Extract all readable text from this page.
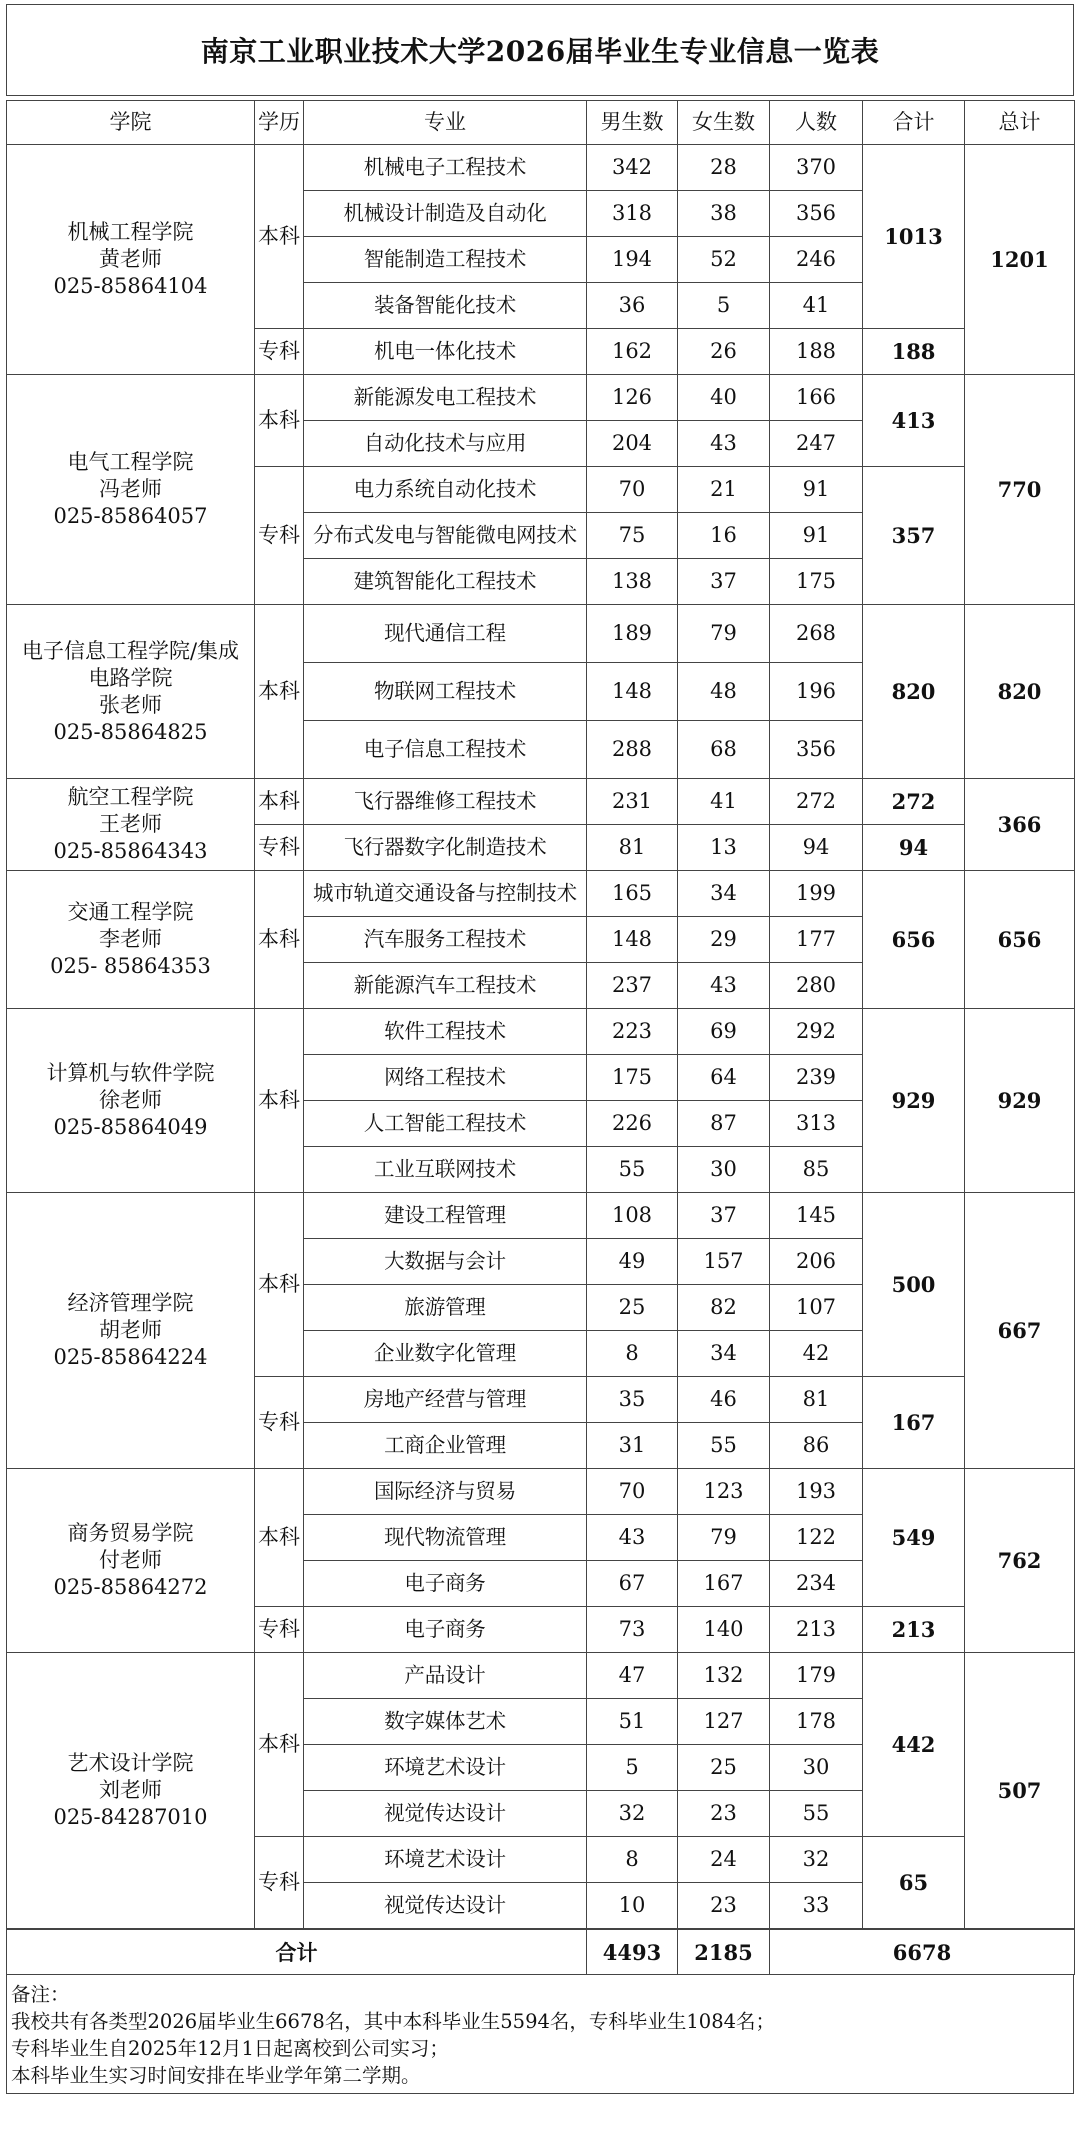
南京工业职业技术大学2026届毕业生专业信息一览表
学院	学历	专业	男生数	女生数	人数	合计	总计

机械工程学院
黄老师
025-85864104	本科	机械电子工程技术	342	28	370	1013	1201
		机械设计制造及自动化	318	38	356		
		智能制造工程技术	194	52	246		
		装备智能化技术	36	5	41		
	专科	机电一体化技术	162	26	188	188	

电气工程学院
冯老师
025-85864057	本科	新能源发电工程技术	126	40	166	413	770
		自动化技术与应用	204	43	247		
	专科	电力系统自动化技术	70	21	91	357	
		分布式发电与智能微电网技术	75	16	91		
		建筑智能化工程技术	138	37	175		

电子信息工程学院/集成电路学院
张老师
025-85864825	本科	现代通信工程	189	79	268	820	820
		物联网工程技术	148	48	196		
		电子信息工程技术	288	68	356		

航空工程学院
王老师
025-85864343	本科	飞行器维修工程技术	231	41	272	272	366
	专科	飞行器数字化制造技术	81	13	94	94	

交通工程学院
李老师
025- 85864353	本科	城市轨道交通设备与控制技术	165	34	199	656	656
		汽车服务工程技术	148	29	177		
		新能源汽车工程技术	237	43	280		

计算机与软件学院
徐老师
025-85864049	本科	软件工程技术	223	69	292	929	929
		网络工程技术	175	64	239		
		人工智能工程技术	226	87	313		
		工业互联网技术	55	30	85		

经济管理学院
胡老师
025-85864224	本科	建设工程管理	108	37	145	500	667
		大数据与会计	49	157	206		
		旅游管理	25	82	107		
		企业数字化管理	8	34	42		
	专科	房地产经营与管理	35	46	81	167	
		工商企业管理	31	55	86		

商务贸易学院
付老师
025-85864272	本科	国际经济与贸易	70	123	193	549	762
		现代物流管理	43	79	122		
		电子商务	67	167	234		
	专科	电子商务	73	140	213	213	

艺术设计学院
刘老师
025-84287010	本科	产品设计	47	132	179	442	507
		数字媒体艺术	51	127	178		
		环境艺术设计	5	25	30		
		视觉传达设计	32	23	55		
	专科	环境艺术设计	8	24	32	65	
		视觉传达设计	10	23	33		
合计	4493	2185	6678
备注：
我校共有各类型2026届毕业生6678名，其中本科毕业生5594名，专科毕业生1084名；
专科毕业生自2025年12月1日起离校到公司实习；
本科毕业生实习时间安排在毕业学年第二学期。
